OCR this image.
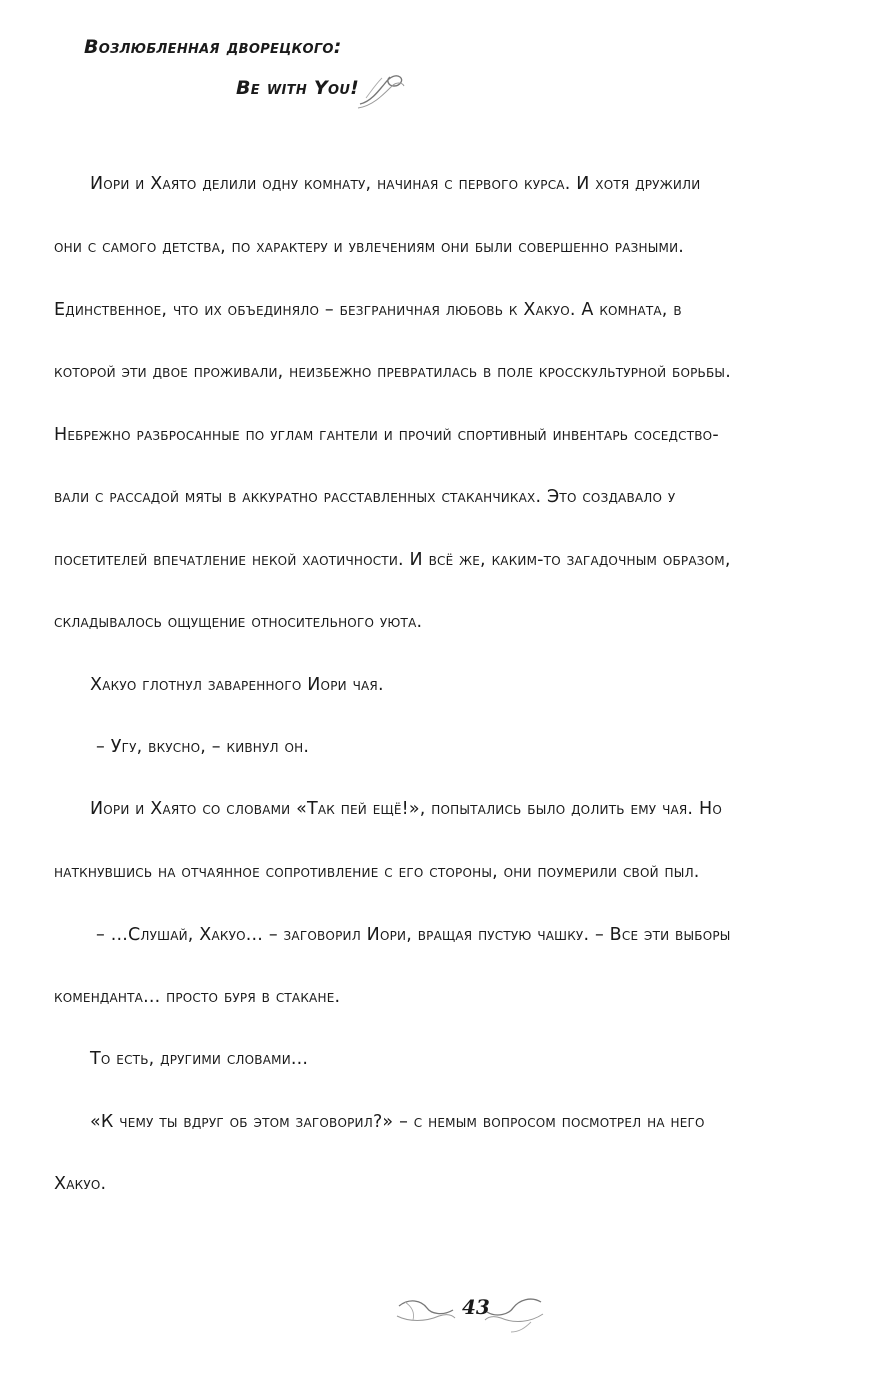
Возлюбленная дворецкого:
Be with You!
Иори и Хаято делили одну комнату, начиная с первого курса. И хотя дружили
они с самого детства, по характеру и увлечениям они были совершенно разными.
Единственное, что их объединяло – безграничная любовь к Хакуо. А комната, в
которой эти двое проживали, неизбежно превратилась в поле кросскультурной борьбы.
Небрежно разбросанные по углам гантели и прочий спортивный инвентарь соседство-
вали с рассадой мяты в аккуратно расставленных стаканчиках. Это создавало у
посетителей впечатление некой хаотичности. И всё же, каким-то загадочным образом,
складывалось ощущение относительного уюта.
Хакуо глотнул заваренного Иори чая.
– Угу, вкусно, – кивнул он.
Иори и Хаято со словами «Так пей ещё!», попытались было долить ему чая. Но
наткнувшись на отчаянное сопротивление с его стороны, они поумерили свой пыл.
– ...Слушай, Хакуо... – заговорил Иори, вращая пустую чашку. – Все эти выборы
коменданта... просто буря в стакане.
То есть, другими словами...
«К чему ты вдруг об этом заговорил?» – с немым вопросом посмотрел на него
Хакуо.
43
